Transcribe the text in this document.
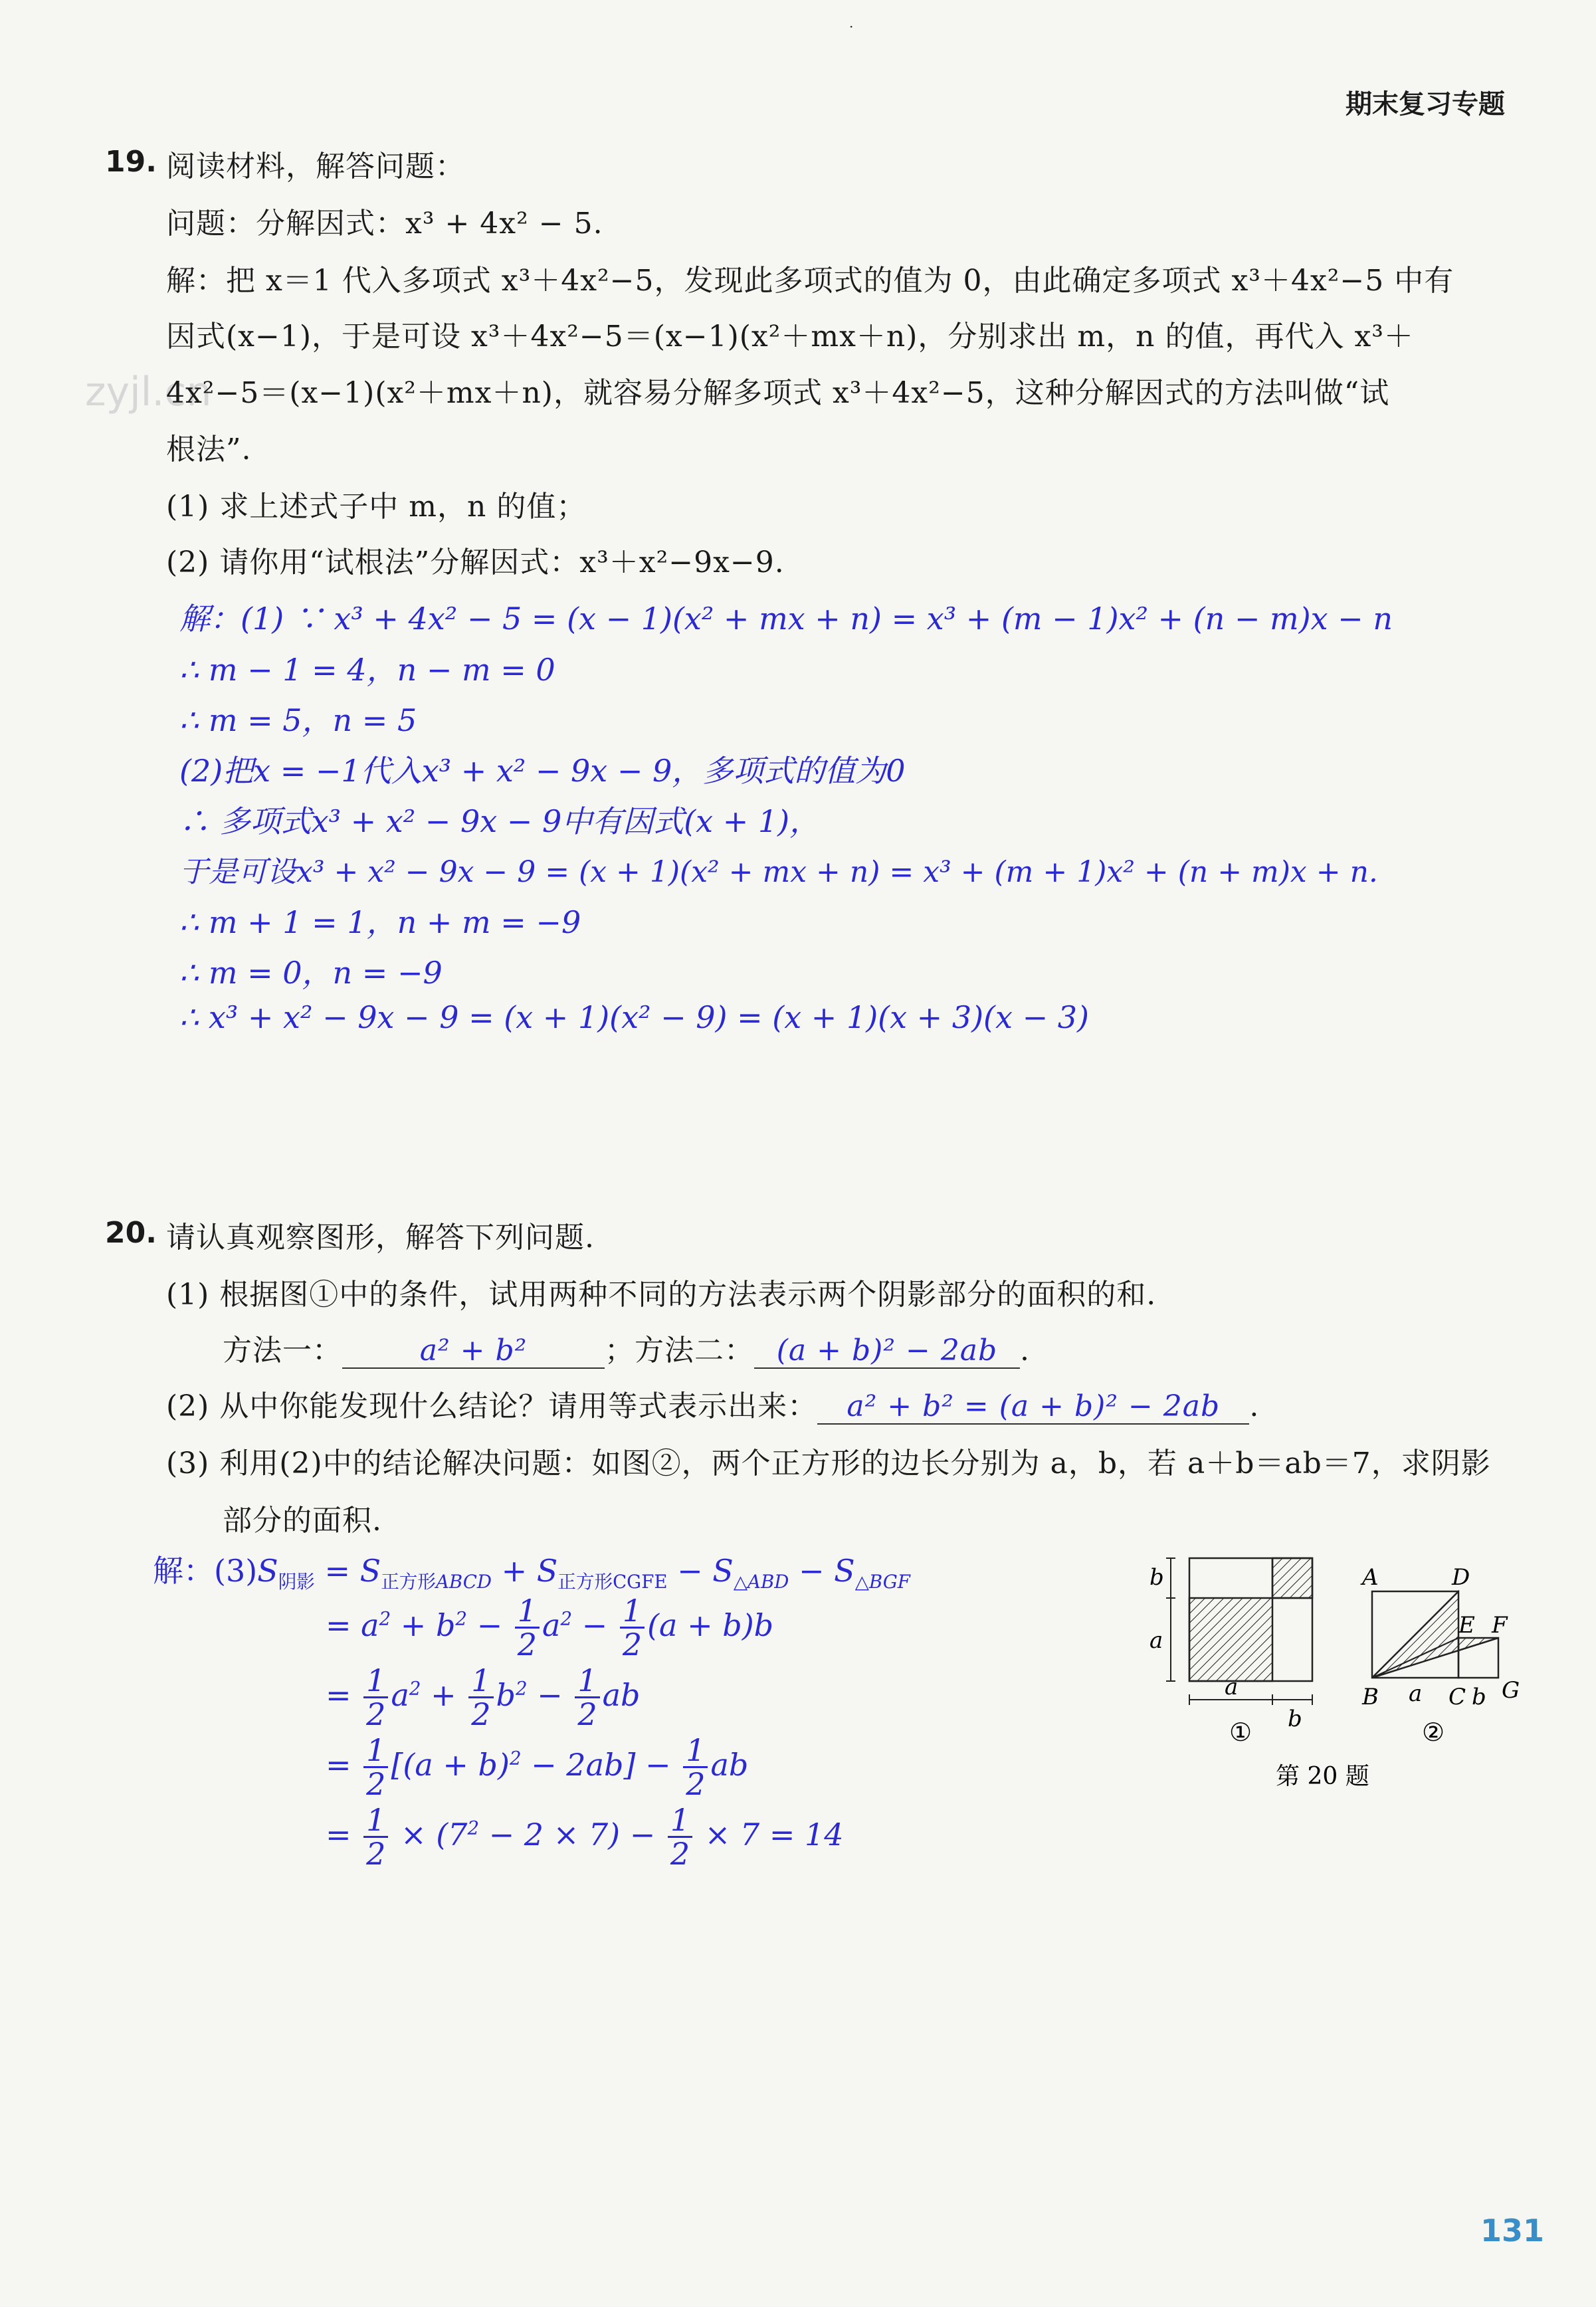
期末复习专题
·
zyjl.cn
19. 阅读材料，解答问题：
问题：分解因式：x³ + 4x² − 5.
解：把 x＝1 代入多项式 x³＋4x²−5，发现此多项式的值为 0，由此确定多项式 x³＋4x²−5 中有
因式(x−1)，于是可设 x³＋4x²−5＝(x−1)(x²＋mx＋n)，分别求出 m，n 的值，再代入 x³＋
4x²−5＝(x−1)(x²＋mx＋n)，就容易分解多项式 x³＋4x²−5，这种分解因式的方法叫做“试
根法”.
(1) 求上述式子中 m，n 的值；
(2) 请你用“试根法”分解因式：x³＋x²−9x−9.
解：(1) ∵ x³ + 4x² − 5 = (x − 1)(x² + mx + n) = x³ + (m − 1)x² + (n − m)x − n
∴ m − 1 = 4，n − m = 0
∴ m = 5，n = 5
(2)把x = −1代入x³ + x² − 9x − 9，多项式的值为0
∴ 多项式x³ + x² − 9x − 9中有因式(x + 1)，
于是可设x³ + x² − 9x − 9 = (x + 1)(x² + mx + n) = x³ + (m + 1)x² + (n + m)x + n.
∴ m + 1 = 1，n + m = −9
∴ m = 0，n = −9
∴ x³ + x² − 9x − 9 = (x + 1)(x² − 9) = (x + 1)(x + 3)(x − 3)
20. 请认真观察图形，解答下列问题.
(1) 根据图①中的条件，试用两种不同的方法表示两个阴影部分的面积的和.
方法一：	a² + b²	；方法二： (a + b)² − 2ab .
(2) 从中你能发现什么结论？请用等式表示出来： a² + b² = (a + b)² − 2ab .
(3) 利用(2)中的结论解决问题：如图②，两个正方形的边长分别为 a，b，若 a＋b＝ab＝7，求阴影
部分的面积.
解：$(3)S_{阴影} = S_{正方形ABCD} + S_{正方形CGFE} - S_{\triangle ABD} - S_{\triangle BGF}$
= $a^2 + b^2 - \frac{1}{2} a^2 - \frac{1}{2} (a + b)b$
= $\frac{1}{2} a^2 + \frac{1}{2} b^2 - \frac{1}{2}$ ab
= $\frac{1}{2} [(a + b)^2 - 2ab] - \frac{1}{2}$ ab
= $\frac{1}{2} \times (7^2 - 2 \times 7) - \frac{1}{2} \times 7 = 14$
b
a
a
b
①
A	D
E F
B a C b G
②
第 20 题
131
